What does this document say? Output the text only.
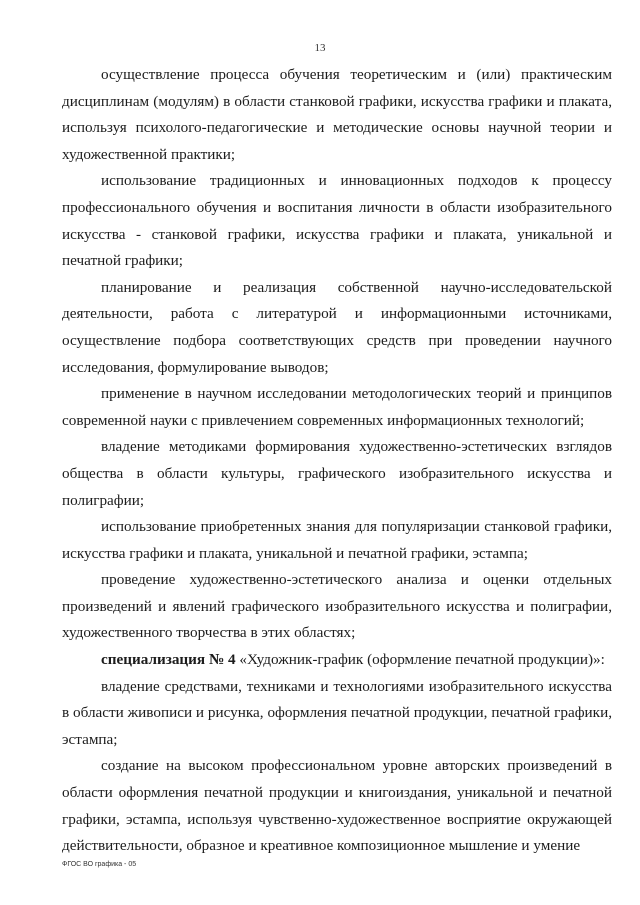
13

осуществление процесса обучения теоретическим и (или) практическим дисциплинам (модулям) в области станковой графики, искусства графики и плаката, используя психолого-педагогические и методические основы научной теории и художественной практики;

использование традиционных и инновационных подходов к процессу профессионального обучения и воспитания личности в области изобразительного искусства - станковой графики, искусства графики и плаката, уникальной и печатной графики;

планирование и реализация собственной научно-исследовательской деятельности, работа с литературой и информационными источниками, осуществление подбора соответствующих средств при проведении научного исследования, формулирование выводов;

применение в научном исследовании методологических теорий и принципов современной науки с привлечением современных информационных технологий;

владение методиками формирования художественно-эстетических взглядов общества в области культуры, графического изобразительного искусства и полиграфии;

использование приобретенных знания для популяризации станковой графики, искусства графики и плаката, уникальной и печатной графики, эстампа;

проведение художественно-эстетического анализа и оценки отдельных произведений и явлений графического изобразительного искусства и полиграфии, художественного творчества в этих областях;

специализация № 4 «Художник-график (оформление печатной продукции)»:

владение средствами, техниками и технологиями изобразительного искусства в области живописи и рисунка, оформления печатной продукции, печатной графики, эстампа;

создание на высоком профессиональном уровне авторских произведений в области оформления печатной продукции и книгоиздания, уникальной и печатной графики, эстампа, используя чувственно-художественное восприятие окружающей действительности, образное и креативное композиционное мышление и умение

ФГОС ВО графика - 05
